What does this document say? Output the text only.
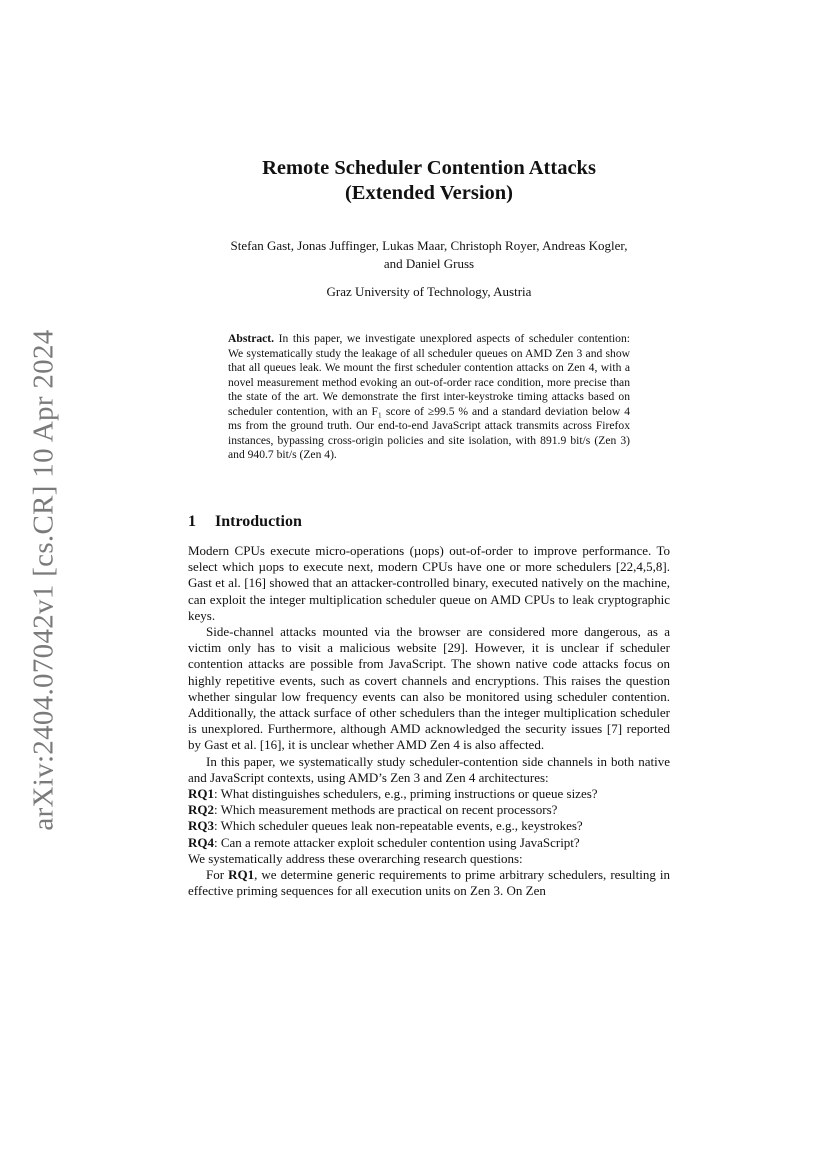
arXiv:2404.07042v1 [cs.CR] 10 Apr 2024
Remote Scheduler Contention Attacks
(Extended Version)
Stefan Gast, Jonas Juffinger, Lukas Maar, Christoph Royer, Andreas Kogler,
and Daniel Gruss
Graz University of Technology, Austria
Abstract. In this paper, we investigate unexplored aspects of scheduler contention: We systematically study the leakage of all scheduler queues on AMD Zen 3 and show that all queues leak. We mount the first scheduler contention attacks on Zen 4, with a novel measurement method evoking an out-of-order race condition, more precise than the state of the art. We demonstrate the first inter-keystroke timing attacks based on scheduler contention, with an F₁ score of ≥99.5 % and a standard deviation below 4 ms from the ground truth. Our end-to-end JavaScript attack transmits across Firefox instances, bypassing cross-origin policies and site isolation, with 891.9 bit/s (Zen 3) and 940.7 bit/s (Zen 4).
1 Introduction

Modern CPUs execute micro-operations (µops) out-of-order to improve performance. To select which µops to execute next, modern CPUs have one or more schedulers [22,4,5,8]. Gast et al. [16] showed that an attacker-controlled binary, executed natively on the machine, can exploit the integer multiplication scheduler queue on AMD CPUs to leak cryptographic keys.

Side-channel attacks mounted via the browser are considered more dangerous, as a victim only has to visit a malicious website [29]. However, it is unclear if scheduler contention attacks are possible from JavaScript. The shown native code attacks focus on highly repetitive events, such as covert channels and encryptions. This raises the question whether singular low frequency events can also be monitored using scheduler contention. Additionally, the attack surface of other schedulers than the integer multiplication scheduler is unexplored. Furthermore, although AMD acknowledged the security issues [7] reported by Gast et al. [16], it is unclear whether AMD Zen 4 is also affected.

In this paper, we systematically study scheduler-contention side channels in both native and JavaScript contexts, using AMD’s Zen 3 and Zen 4 architectures:

RQ1: What distinguishes schedulers, e.g., priming instructions or queue sizes?
RQ2: Which measurement methods are practical on recent processors?
RQ3: Which scheduler queues leak non-repeatable events, e.g., keystrokes?
RQ4: Can a remote attacker exploit scheduler contention using JavaScript?

We systematically address these overarching research questions:

For RQ1, we determine generic requirements to prime arbitrary schedulers, resulting in effective priming sequences for all execution units on Zen 3. On Zen
